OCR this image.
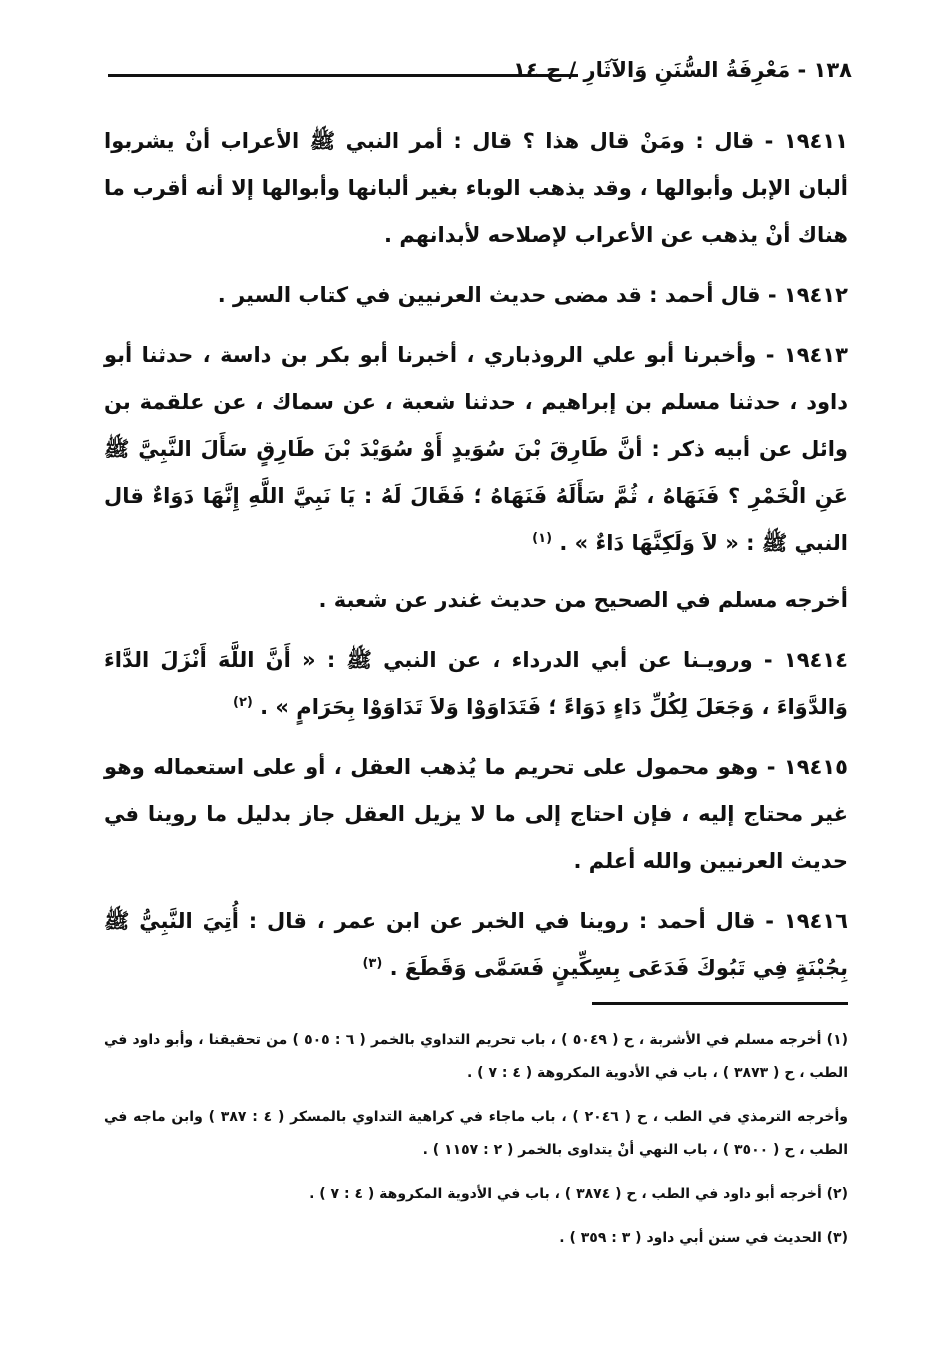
١٣٨ - مَعْرِفَةُ السُّنَنِ وَالآثَارِ / ج ١٤

١٩٤١١ - قال : ومَنْ قال هذا ؟ قال : أمر النبي ﷺ الأعراب أنْ يشربوا ألبان الإبل وأبوالها ، وقد يذهب الوباء بغير ألبانها وأبوالها إلا أنه أقرب ما هناك أنْ يذهب عن الأعراب لإصلاحه لأبدانهم .

١٩٤١٢ - قال أحمد : قد مضى حديث العرنيين في كتاب السير .

١٩٤١٣ - وأخبرنا أبو علي الروذباري ، أخبرنا أبو بكر بن داسة ، حدثنا أبو داود ، حدثنا مسلم بن إبراهيم ، حدثنا شعبة ، عن سماك ، عن علقمة بن وائل عن أبيه ذكر : أنَّ طَارِقَ بْنَ سُوَيدٍ أَوْ سُوَيْدَ بْنَ طَارِقٍ سَأَلَ النَّبِيَّ ﷺ عَنِ الْخَمْرِ ؟ فَنَهَاهُ ، ثُمَّ سَأَلَهُ فَنَهَاهُ ؛ فَقَالَ لَهُ : يَا نَبِيَّ اللَّهِ إِنَّهَا دَوَاءٌ قال النبي ﷺ : « لاَ وَلَكِنَّهَا دَاءٌ » . $^{(١)}$

أخرجه مسلم في الصحيح من حديث غندر عن شعبة .

١٩٤١٤ - ورويـنا عن أبي الدرداء ، عن النبي ﷺ : « أَنَّ اللَّهَ أَنْزَلَ الدَّاءَ وَالدَّوَاءَ ، وَجَعَلَ لِكُلِّ دَاءٍ دَوَاءً ؛ فَتَدَاوَوْا وَلاَ تَدَاوَوْا بِحَرَامٍ » . $^{(٢)}$

١٩٤١٥ - وهو محمول على تحريم ما يُذهب العقل ، أو على استعماله وهو غير محتاج إليه ، فإن احتاج إلى ما لا يزيل العقل جاز بدليل ما روينا في حديث العرنيين والله أعلم .

١٩٤١٦ - قال أحمد : روينا في الخبر عن ابن عمر ، قال : أُتِيَ النَّبِيُّ ﷺ بِجُبْنَةٍ فِي تَبُوكَ فَدَعَى بِسِكِّينٍ فَسَمَّى وَقَطَعَ . $^{(٣)}$

(١) أخرجه مسلم في الأشربة ، ح ( ٥٠٤٩ ) ، باب تحريم التداوي بالخمر ( ٦ : ٥٠٥ ) من تحقيقنا ، وأبو داود في الطب ، ح ( ٣٨٧٣ ) ، باب في الأدوية المكروهة ( ٤ : ٧ ) .

وأخرجه الترمذي في الطب ، ح ( ٢٠٤٦ ) ، باب ماجاء في كراهية التداوي بالمسكر ( ٤ : ٣٨٧ ) وابن ماجه في الطب ، ح ( ٣٥٠٠ ) ، باب النهي أنْ يتداوى بالخمر ( ٢ : ١١٥٧ ) .

(٢) أخرجه أبو داود في الطب ، ح ( ٣٨٧٤ ) ، باب في الأدوية المكروهة ( ٤ : ٧ ) .

(٣) الحديث في سنن أبي داود ( ٣ : ٣٥٩ ) .
